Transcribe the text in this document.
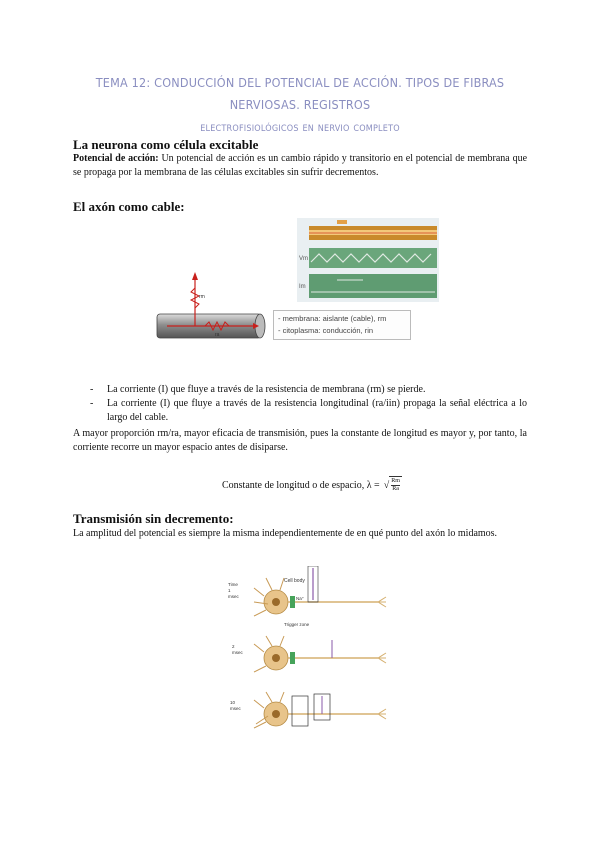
TEMA 12: CONDUCCIÓN DEL POTENCIAL DE ACCIÓN. TIPOS DE FIBRAS NERVIOSAS. REGISTROS
electrofisiológicos en nervio completo
La neurona como célula excitable

Potencial de acción: Un potencial de acción es un cambio rápido y transitorio en el potencial de membrana que se propaga por la membrana de las células excitables sin sufrir decrementos.

El axón como cable:
rm
ra
Vm
Im
- membrana: aislante (cable), rm
- citoplasma: conducción, rin
- La corriente (I) que fluye a través de la resistencia de membrana (rm) se pierde.
- La corriente (I) que fluye a través de la resistencia longitudinal (ra/iin) propaga la señal eléctrica a lo largo del cable.

A mayor proporción rm/ra, mayor eficacia de transmisión, pues la constante de longitud es mayor y, por tanto, la corriente recorre un mayor espacio antes de disiparse.

Constante de longitud o de espacio, λ = √ $\frac{Rm}{Ra}$
Transmisión sin decremento:

La amplitud del potencial es siempre la misma independientemente de en qué punto del axón lo midamos.

Time
1
msec
Cell body
Trigger zone
Na⁺
2
msec
10
msec
